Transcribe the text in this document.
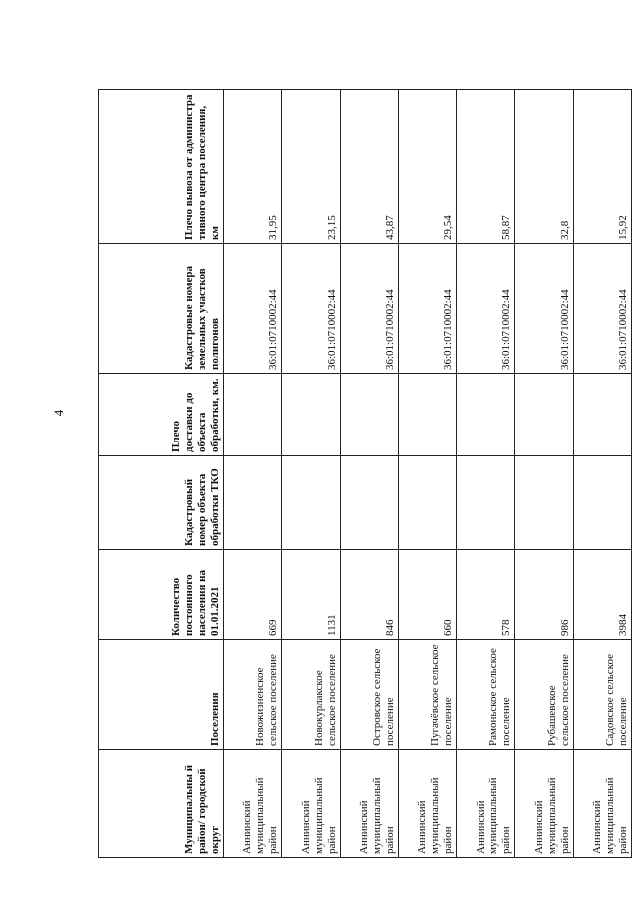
4
Муниципальны й район/ городской округ	Поселения	Количество постоянного населения на 01.01.2021	Кадастровый номер объекта обработки ТКО	Плечо доставки до объекта обработки, км.	Кадастровые номера земельных участков полигонов	Плечо вывоза от администра тивного центра поселения, км
Аннинский муниципальный район	Новожизненское сельское поселение	669			36:01:0710002:44	31,95
Аннинский муниципальный район	Новокурлакское сельское поселение	1131			36:01:0710002:44	23,15
Аннинский муниципальный район	Островское сельское поселение	846			36:01:0710002:44	43,87
Аннинский муниципальный район	Пугачёвское сельское поселение	660			36:01:0710002:44	29,54
Аннинский муниципальный район	Рамоньское сельское поселение	578			36:01:0710002:44	58,87
Аннинский муниципальный район	Рубашевское сельское поселение	986			36:01:0710002:44	32,8
Аннинский муниципальный район	Садовское сельское поселение	3984			36:01:0710002:44	15,92
